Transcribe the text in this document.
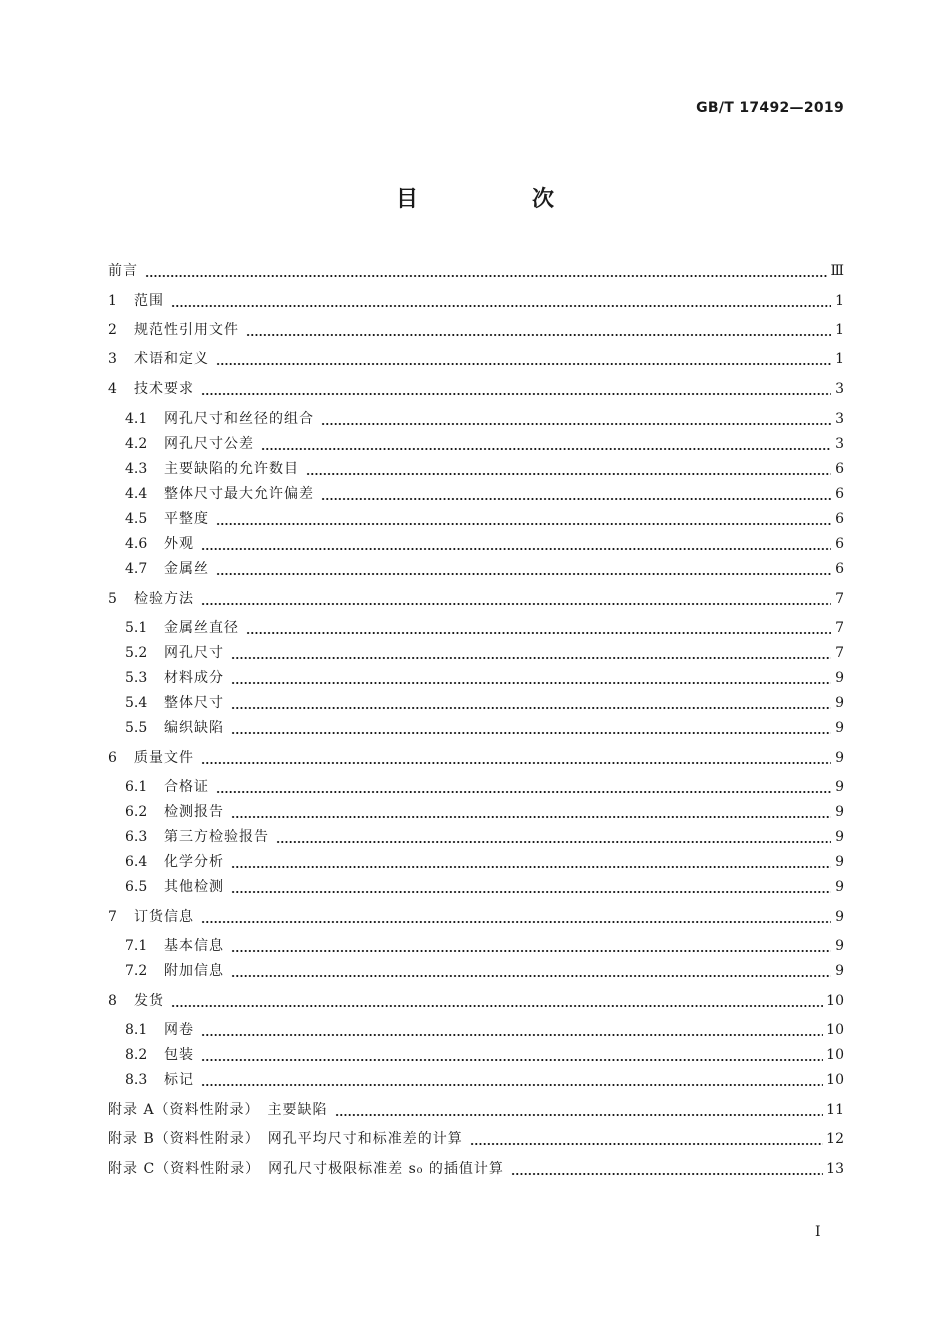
GB/T 17492—2019
目　次
前言	Ⅲ
1	范围	1
2	规范性引用文件	1
3	术语和定义	1
4	技术要求	3
4.1	网孔尺寸和丝径的组合	3
4.2	网孔尺寸公差	3
4.3	主要缺陷的允许数目	6
4.4	整体尺寸最大允许偏差	6
4.5	平整度	6
4.6	外观	6
4.7	金属丝	6
5	检验方法	7
5.1	金属丝直径	7
5.2	网孔尺寸	7
5.3	材料成分	9
5.4	整体尺寸	9
5.5	编织缺陷	9
6	质量文件	9
6.1	合格证	9
6.2	检测报告	9
6.3	第三方检验报告	9
6.4	化学分析	9
6.5	其他检测	9
7	订货信息	9
7.1	基本信息	9
7.2	附加信息	9
8	发货	10
8.1	网卷	10
8.2	包装	10
8.3	标记	10
附录 A（资料性附录）　主要缺陷	11
附录 B（资料性附录）　网孔平均尺寸和标准差的计算	12
附录 C（资料性附录）　网孔尺寸极限标准差 s₀ 的插值计算	13
I
